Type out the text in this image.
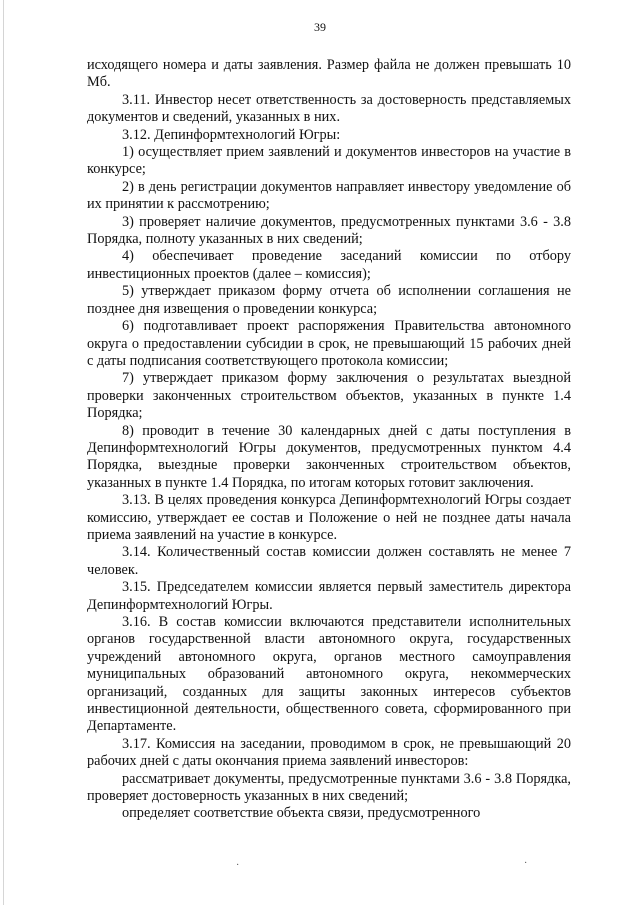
39

исходящего номера и даты заявления. Размер файла не должен превышать 10 Мб.

3.11. Инвестор несет ответственность за достоверность представляемых документов и сведений, указанных в них.

3.12. Депинформтехнологий Югры:

1) осуществляет прием заявлений и документов инвесторов на участие в конкурсе;

2) в день регистрации документов направляет инвестору уведомление об их принятии к рассмотрению;

3) проверяет наличие документов, предусмотренных пунктами 3.6 - 3.8 Порядка, полноту указанных в них сведений;

4) обеспечивает проведение заседаний комиссии по отбору инвестиционных проектов (далее – комиссия);

5) утверждает приказом форму отчета об исполнении соглашения не позднее дня извещения о проведении конкурса;

6) подготавливает проект распоряжения Правительства автономного округа о предоставлении субсидии в срок, не превышающий 15 рабочих дней с даты подписания соответствующего протокола комиссии;

7) утверждает приказом форму заключения о результатах выездной проверки законченных строительством объектов, указанных в пункте 1.4 Порядка;

8) проводит в течение 30 календарных дней с даты поступления в Депинформтехнологий Югры документов, предусмотренных пунктом 4.4 Порядка, выездные проверки законченных строительством объектов, указанных в пункте 1.4 Порядка, по итогам которых готовит заключения.

3.13. В целях проведения конкурса Депинформтехнологий Югры создает комиссию, утверждает ее состав и Положение о ней не позднее даты начала приема заявлений на участие в конкурсе.

3.14. Количественный состав комиссии должен составлять не менее 7 человек.

3.15. Председателем комиссии является первый заместитель директора Депинформтехнологий Югры.

3.16. В состав комиссии включаются представители исполнительных органов государственной власти автономного округа, государственных учреждений автономного округа, органов местного самоуправления муниципальных образований автономного округа, некоммерческих организаций, созданных для защиты законных интересов субъектов инвестиционной деятельности, общественного совета, сформированного при Департаменте.

3.17. Комиссия на заседании, проводимом в срок, не превышающий 20 рабочих дней с даты окончания приема заявлений инвесторов:

рассматривает документы, предусмотренные пунктами 3.6 - 3.8 Порядка, проверяет достоверность указанных в них сведений;

определяет соответствие объекта связи, предусмотренного

·	·
